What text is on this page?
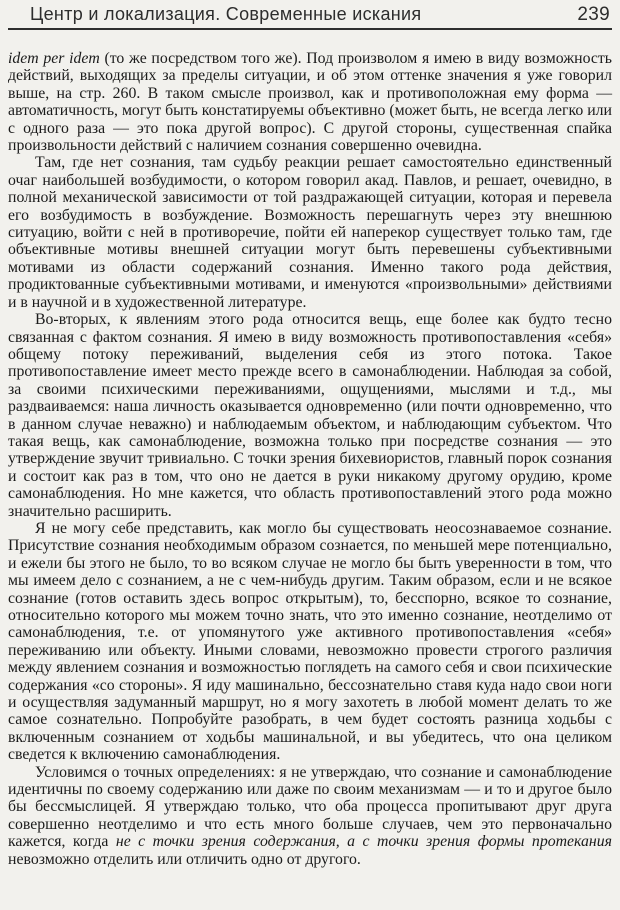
Центр и локализация. Современные искания	239

idem per idem (то же посредством того же). Под произволом я имею в виду возможность действий, выходящих за пределы ситуации, и об этом оттенке значения я уже говорил выше, на стр. 260. В таком смысле произвол, как и противоположная ему форма — автоматичность, могут быть констатируемы объективно (может быть, не всегда легко или с одного раза — это пока другой вопрос). С другой стороны, существенная спайка произвольности действий с наличием сознания совершенно очевидна.

Там, где нет сознания, там судьбу реакции решает самостоятельно единственный очаг наибольшей возбудимости, о котором говорил акад. Павлов, и решает, очевидно, в полной механической зависимости от той раздражающей ситуации, которая и перевела его возбудимость в возбуждение. Возможность перешагнуть через эту внешнюю ситуацию, войти с ней в противоречие, пойти ей наперекор существует только там, где объективные мотивы внешней ситуации могут быть перевешены субъективными мотивами из области содержаний сознания. Именно такого рода действия, продиктованные субъективными мотивами, и именуются «произвольными» действиями и в научной и в художественной литературе.

Во-вторых, к явлениям этого рода относится вещь, еще более как будто тесно связанная с фактом сознания. Я имею в виду возможность противопоставления «себя» общему потоку переживаний, выделения себя из этого потока. Такое противопоставление имеет место прежде всего в самонаблюдении. Наблюдая за собой, за своими психическими переживаниями, ощущениями, мыслями и т.д., мы раздваиваемся: наша личность оказывается одновременно (или почти одновременно, что в данном случае неважно) и наблюдаемым объектом, и наблюдающим субъектом. Что такая вещь, как самонаблюдение, возможна только при посредстве сознания — это утверждение звучит тривиально. С точки зрения бихевиористов, главный порок сознания и состоит как раз в том, что оно не дается в руки никакому другому орудию, кроме самонаблюдения. Но мне кажется, что область противопоставлений этого рода можно значительно расширить.

Я не могу себе представить, как могло бы существовать неосознаваемое сознание. Присутствие сознания необходимым образом сознается, по меньшей мере потенциально, и ежели бы этого не было, то во всяком случае не могло бы быть уверенности в том, что мы имеем дело с сознанием, а не с чем-нибудь другим. Таким образом, если и не всякое сознание (готов оставить здесь вопрос открытым), то, бесспорно, всякое то сознание, относительно которого мы можем точно знать, что это именно сознание, неотделимо от самонаблюдения, т.е. от упомянутого уже активного противопоставления «себя» переживанию или объекту. Иными словами, невозможно провести строгого различия между явлением сознания и возможностью поглядеть на самого себя и свои психические содержания «со стороны». Я иду машинально, бессознательно ставя куда надо свои ноги и осуществляя задуманный маршрут, но я могу захотеть в любой момент делать то же самое сознательно. Попробуйте разобрать, в чем будет состоять разница ходьбы с включенным сознанием от ходьбы машинальной, и вы убедитесь, что она целиком сведется к включению самонаблюдения.

Условимся о точных определениях: я не утверждаю, что сознание и самонаблюдение идентичны по своему содержанию или даже по своим механизмам — и то и другое было бы бессмыслицей. Я утверждаю только, что оба процесса пропитывают друг друга совершенно неотделимо и что есть много больше случаев, чем это первоначально кажется, когда не с точки зрения содержания, а с точки зрения формы протекания невозможно отделить или отличить одно от другого.
